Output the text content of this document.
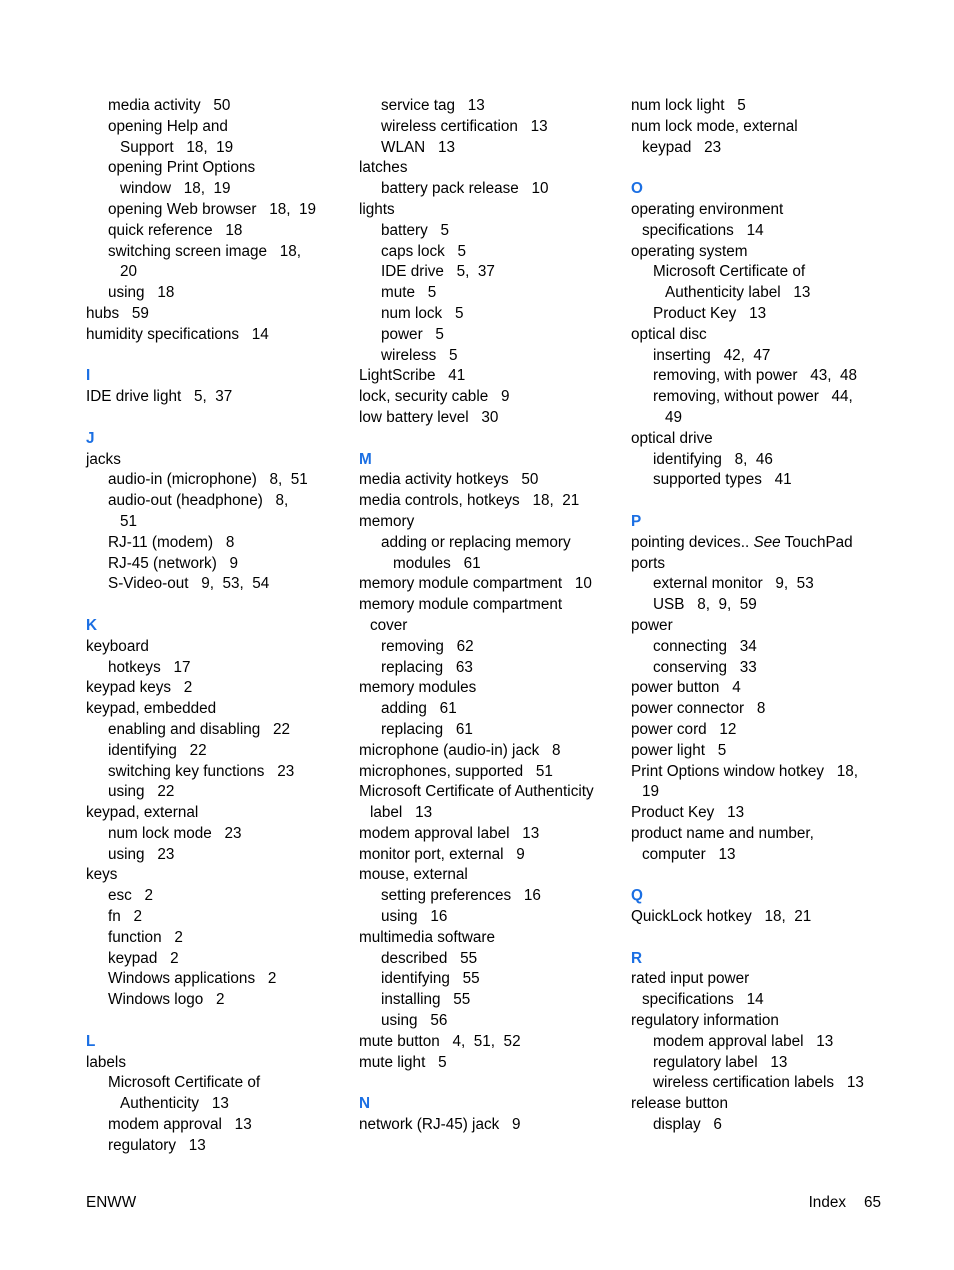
media activity   50
opening Help and
Support   18,  19
opening Print Options
window   18,  19
opening Web browser   18,  19
quick reference   18
switching screen image   18,
20
using   18
hubs   59
humidity specifications   14
I
IDE drive light   5,  37
J
jacks
audio-in (microphone)   8,  51
audio-out (headphone)   8,
51
RJ-11 (modem)   8
RJ-45 (network)   9
S-Video-out   9,  53,  54
K
keyboard
hotkeys   17
keypad keys   2
keypad, embedded
enabling and disabling   22
identifying   22
switching key functions   23
using   22
keypad, external
num lock mode   23
using   23
keys
esc   2
fn   2
function   2
keypad   2
Windows applications   2
Windows logo   2
L
labels
Microsoft Certificate of
Authenticity   13
modem approval   13
regulatory   13
service tag   13
wireless certification   13
WLAN   13
latches
battery pack release   10
lights
battery   5
caps lock   5
IDE drive   5,  37
mute   5
num lock   5
power   5
wireless   5
LightScribe   41
lock, security cable   9
low battery level   30
M
media activity hotkeys   50
media controls, hotkeys   18,  21
memory
adding or replacing memory
modules   61
memory module compartment   10
memory module compartment
cover
removing   62
replacing   63
memory modules
adding   61
replacing   61
microphone (audio-in) jack   8
microphones, supported   51
Microsoft Certificate of Authenticity
label   13
modem approval label   13
monitor port, external   9
mouse, external
setting preferences   16
using   16
multimedia software
described   55
identifying   55
installing   55
using   56
mute button   4,  51,  52
mute light   5
N
network (RJ-45) jack   9
num lock light   5
num lock mode, external
keypad   23
O
operating environment
specifications   14
operating system
Microsoft Certificate of
Authenticity label   13
Product Key   13
optical disc
inserting   42,  47
removing, with power   43,  48
removing, without power   44,
49
optical drive
identifying   8,  46
supported types   41
P
pointing devices.. See TouchPad
ports
external monitor   9,  53
USB   8,  9,  59
power
connecting   34
conserving   33
power button   4
power connector   8
power cord   12
power light   5
Print Options window hotkey   18,
19
Product Key   13
product name and number,
computer   13
Q
QuickLock hotkey   18,  21
R
rated input power
specifications   14
regulatory information
modem approval label   13
regulatory label   13
wireless certification labels   13
release button
display   6
ENWW	Index 65
